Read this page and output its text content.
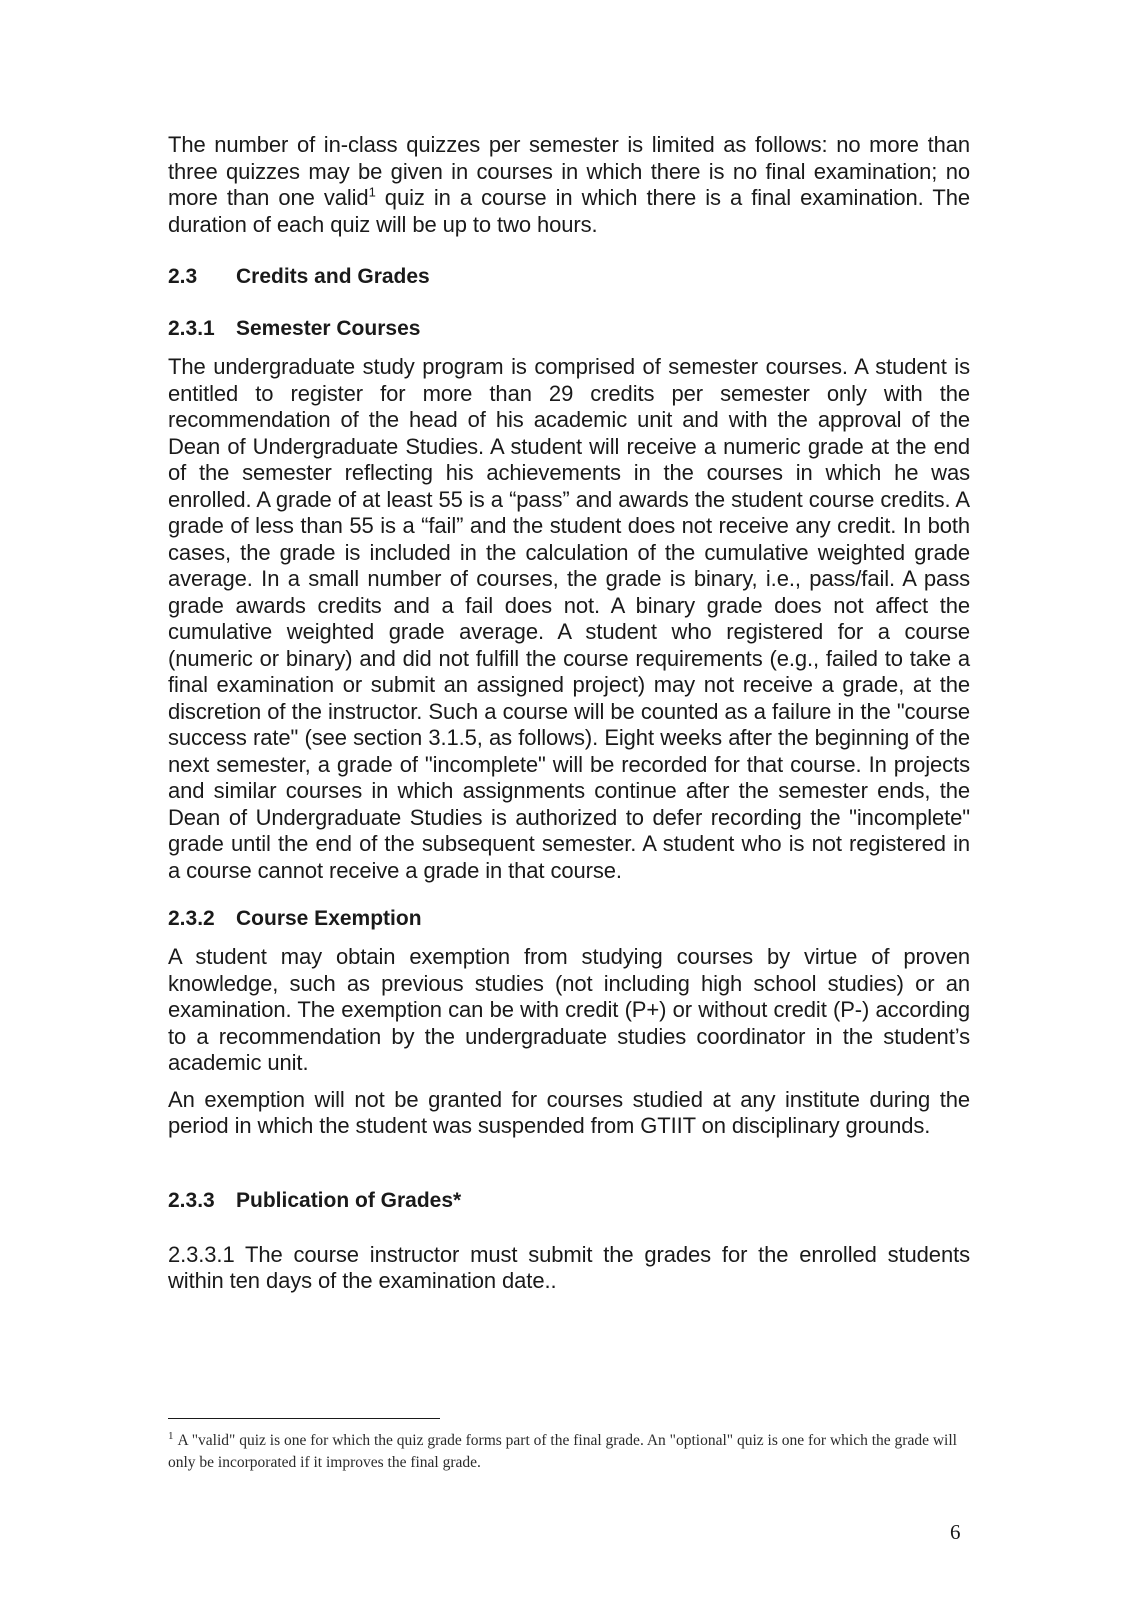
The number of in-class quizzes per semester is limited as follows: no more than three quizzes may be given in courses in which there is no final examination; no more than one valid$^1$ quiz in a course in which there is a final examination. The duration of each quiz will be up to two hours.

2.3 Credits and Grades
2.3.1 Semester Courses

The undergraduate study program is comprised of semester courses. A student is entitled to register for more than 29 credits per semester only with the recommendation of the head of his academic unit and with the approval of the Dean of Undergraduate Studies. A student will receive a numeric grade at the end of the semester reflecting his achievements in the courses in which he was enrolled. A grade of at least 55 is a “pass” and awards the student course credits. A grade of less than 55 is a “fail” and the student does not receive any credit. In both cases, the grade is included in the calculation of the cumulative weighted grade average. In a small number of courses, the grade is binary, i.e., pass/fail. A pass grade awards credits and a fail does not. A binary grade does not affect the cumulative weighted grade average. A student who registered for a course (numeric or binary) and did not fulfill the course requirements (e.g., failed to take a final examination or submit an assigned project) may not receive a grade, at the discretion of the instructor. Such a course will be counted as a failure in the "course success rate" (see section 3.1.5, as follows). Eight weeks after the beginning of the next semester, a grade of "incomplete" will be recorded for that course. In projects and similar courses in which assignments continue after the semester ends, the Dean of Undergraduate Studies is authorized to defer recording the "incomplete" grade until the end of the subsequent semester. A student who is not registered in a course cannot receive a grade in that course.

2.3.2 Course Exemption

A student may obtain exemption from studying courses by virtue of proven knowledge, such as previous studies (not including high school studies) or an examination. The exemption can be with credit (P+) or without credit (P-) according to a recommendation by the undergraduate studies coordinator in the student’s academic unit.

An exemption will not be granted for courses studied at any institute during the period in which the student was suspended from GTIIT on disciplinary grounds.

2.3.3 Publication of Grades*

2.3.3.1 The course instructor must submit the grades for the enrolled students within ten days of the examination date..

$^1$ A "valid" quiz is one for which the quiz grade forms part of the final grade. An "optional" quiz is one for which the grade will only be incorporated if it improves the final grade.

6
